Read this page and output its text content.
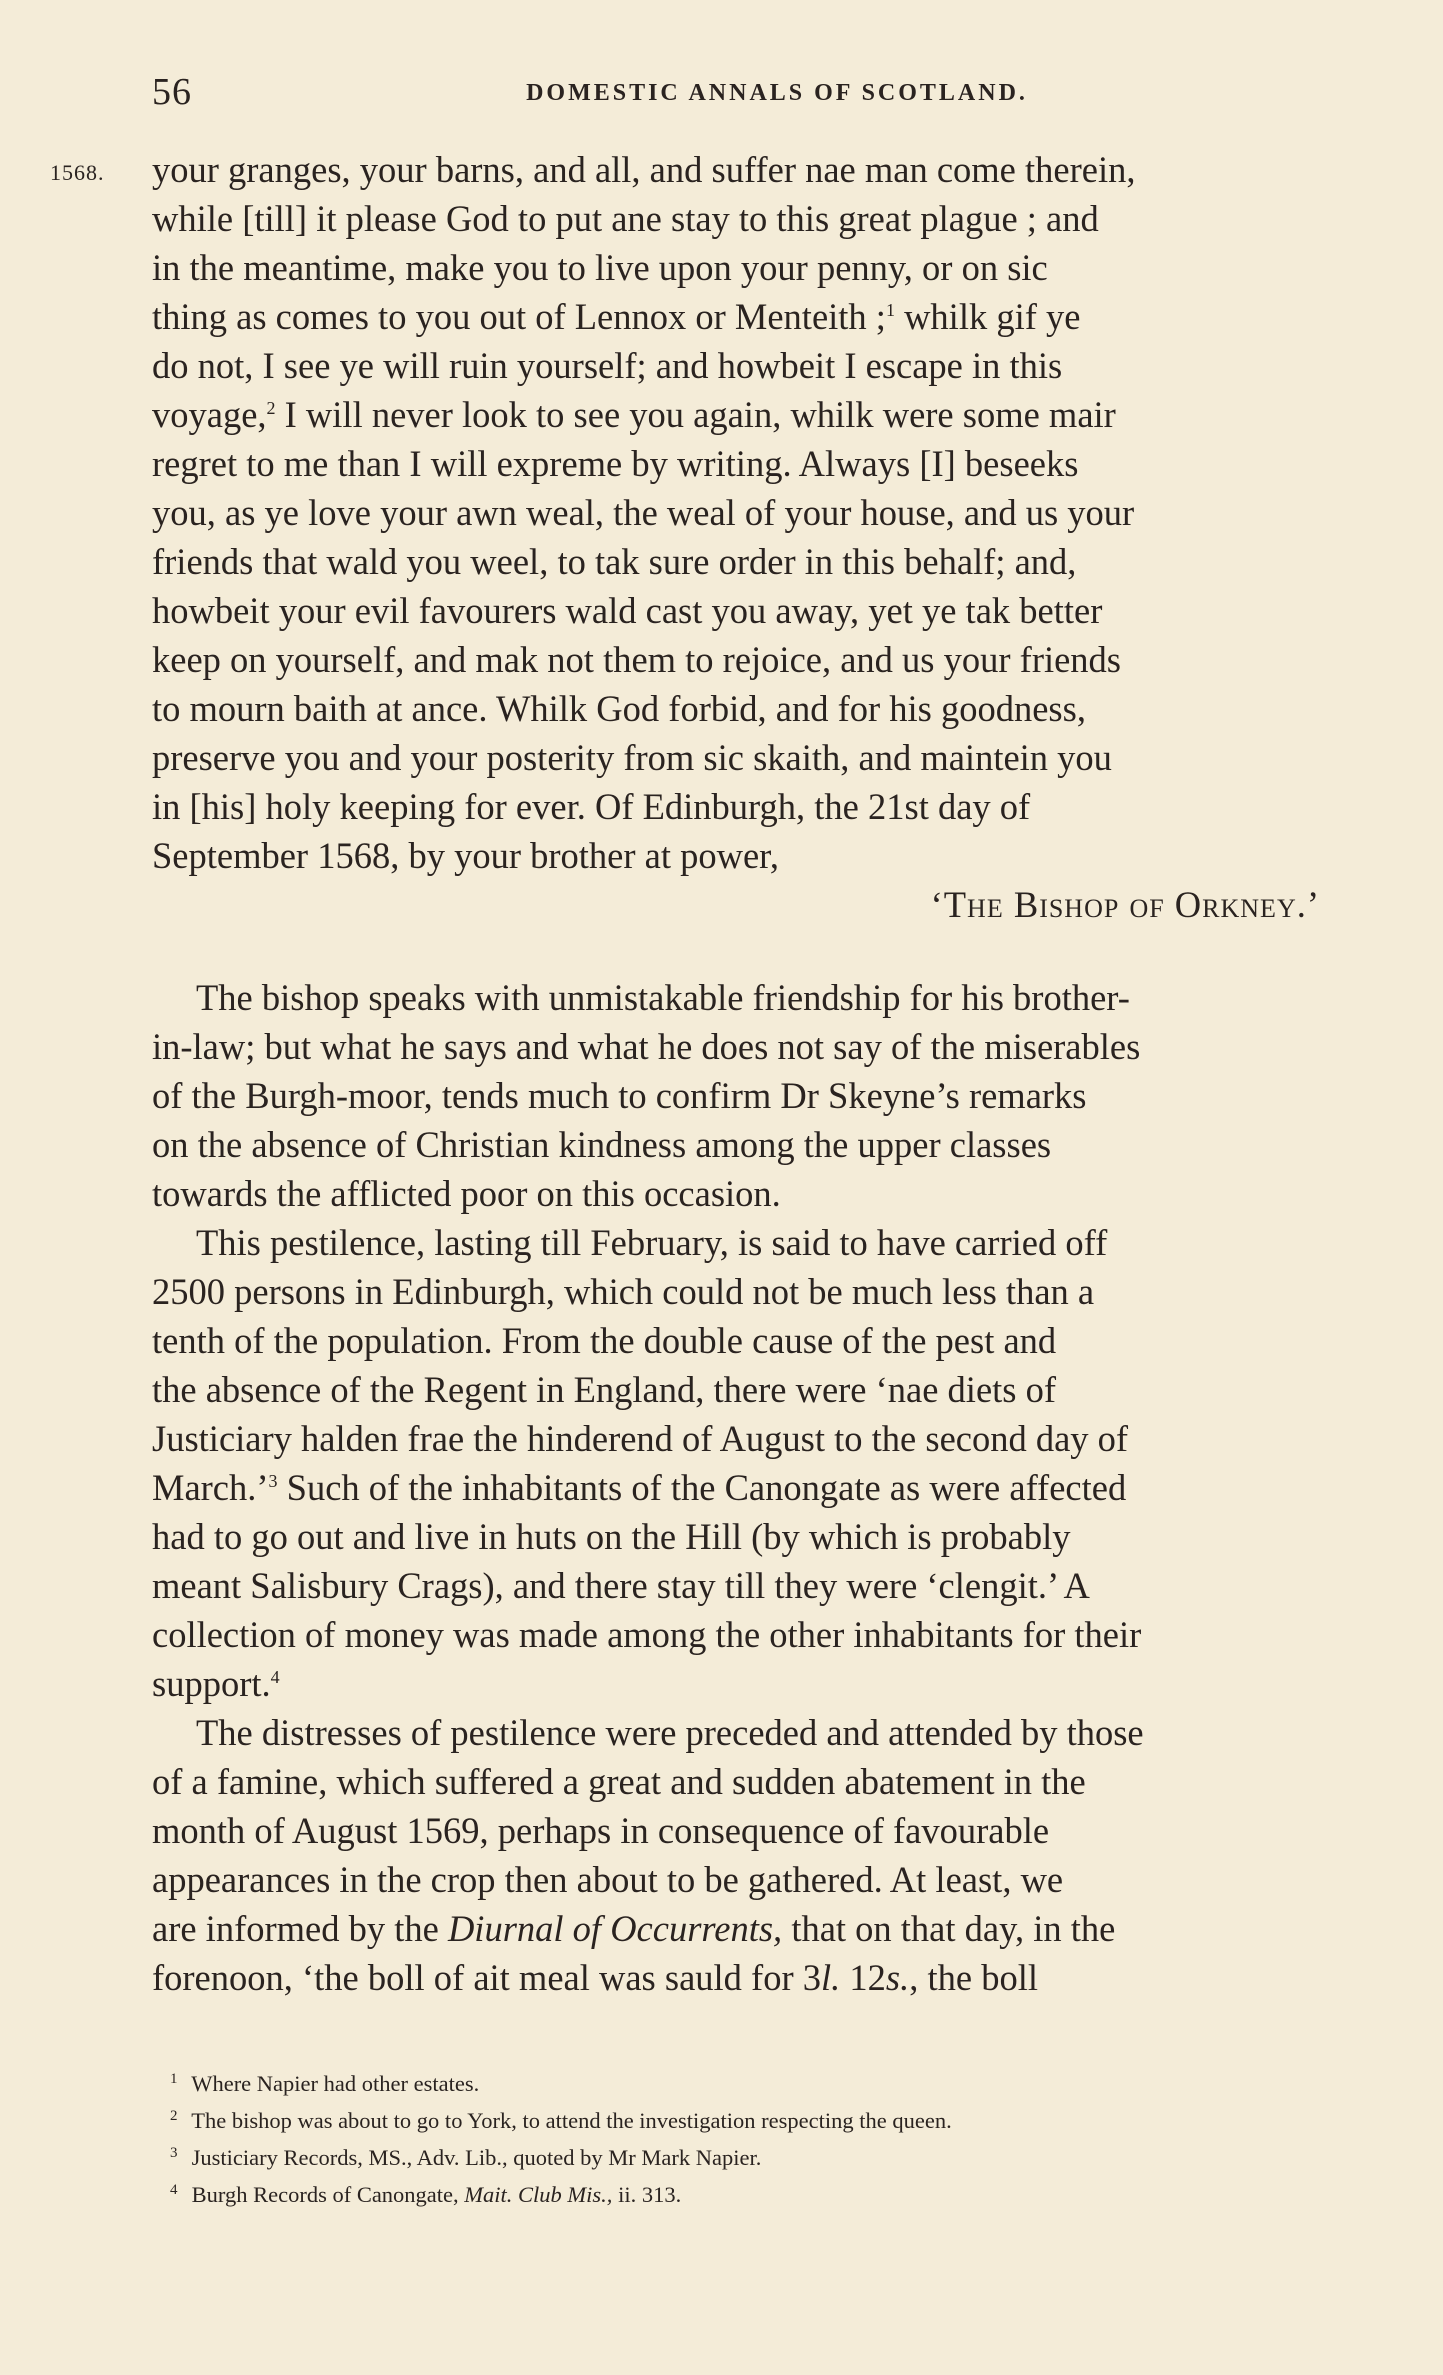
56	DOMESTIC ANNALS OF SCOTLAND.
1568. your granges, your barns, and all, and suffer nae man come therein,

while [till] it please God to put ane stay to this great plague ; and

in the meantime, make you to live upon your penny, or on sic

thing as comes to you out of Lennox or Menteith ;$^1$ whilk gif ye

do not, I see ye will ruin yourself; and howbeit I escape in this

voyage,$^2$ I will never look to see you again, whilk were some mair

regret to me than I will expreme by writing. Always [I] beseeks

you, as ye love your awn weal, the weal of your house, and us your

friends that wald you weel, to tak sure order in this behalf; and,

howbeit your evil favourers wald cast you away, yet ye tak better

keep on yourself, and mak not them to rejoice, and us your friends

to mourn baith at ance. Whilk God forbid, and for his goodness,

preserve you and your posterity from sic skaith, and maintein you

in [his] holy keeping for ever. Of Edinburgh, the 21st day of

September 1568, by your brother at power,

‘The Bishop of Orkney.’

The bishop speaks with unmistakable friendship for his brother-

in-law; but what he says and what he does not say of the miserables

of the Burgh-moor, tends much to confirm Dr Skeyne’s remarks

on the absence of Christian kindness among the upper classes

towards the afflicted poor on this occasion.

This pestilence, lasting till February, is said to have carried off

2500 persons in Edinburgh, which could not be much less than a

tenth of the population. From the double cause of the pest and

the absence of the Regent in England, there were ‘nae diets of

Justiciary halden frae the hinderend of August to the second day of

March.’$^3$ Such of the inhabitants of the Canongate as were affected

had to go out and live in huts on the Hill (by which is probably

meant Salisbury Crags), and there stay till they were ‘clengit.’ A

collection of money was made among the other inhabitants for their

support.$^4$

The distresses of pestilence were preceded and attended by those

of a famine, which suffered a great and sudden abatement in the

month of August 1569, perhaps in consequence of favourable

appearances in the crop then about to be gathered. At least, we

are informed by the Diurnal of Occurrents, that on that day, in the

forenoon, ‘the boll of ait meal was sauld for 3l. 12s., the boll

1 Where Napier had other estates.

2 The bishop was about to go to York, to attend the investigation respecting the queen.

3 Justiciary Records, MS., Adv. Lib., quoted by Mr Mark Napier.

4 Burgh Records of Canongate, Mait. Club Mis., ii. 313.
